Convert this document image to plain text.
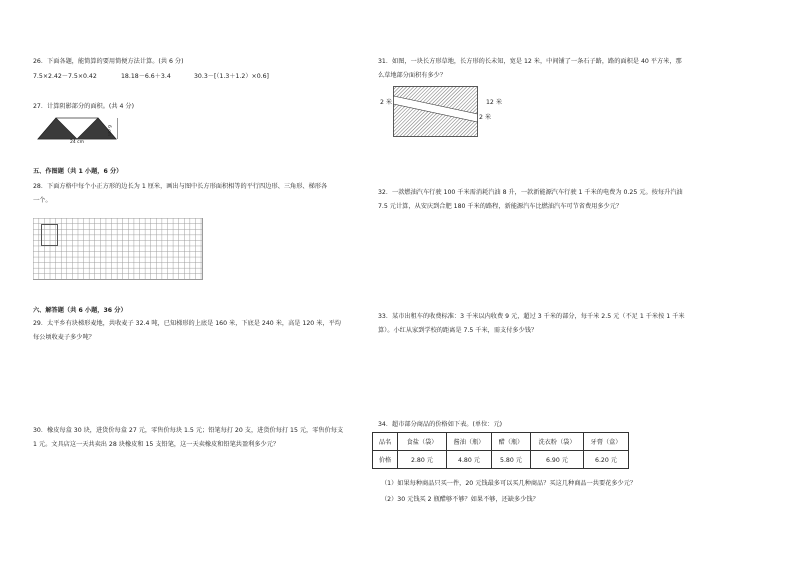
26．下面各题，能简算的要用简便方法计算。(共 6 分)
7.5×2.42－7.5×0.42	18.18－6.6＋3.4	30.3－[（1.3＋1.2）×0.6]
27．计算阴影部分的面积。(共 4 分)
24 cm
6 cm
五、作图题（共 1 小题，6 分）
28．下面方格中每个小正方形的边长为 1 厘米，画出与图中长方形面积相等的平行四边形、三角形、梯形各
一个。
六、解答题（共 6 小题，36 分）
29．太平乡有块梯形麦地，共收麦子 32.4 吨，已知梯形的上底是 160 米，下底是 240 米，高是 120 米，平均
每公顷收麦子多少吨？
30．橡皮每盒 30 块，进货价每盒 27 元，零售价每块 1.5 元；铅笔每打 20 支，进货价每打 15 元，零售价每支
1 元。文具店这一天共卖出 28 块橡皮和 15 支铅笔，这一天卖橡皮和铅笔共盈利多少元？
31．如图，一块长方形草地，长方形的长未知，宽是 12 米，中间铺了一条石子路，路的面积是 40 平方米，那
么草地部分面积有多少？
2 米	12 米
2 米
32．一款燃油汽车行驶 100 千米需消耗汽油 8 升，一款新能源汽车行驶 1 千米的电费为 0.25 元。按每升汽油
7.5 元计算，从安庆到合肥 180 千米的路程，新能源汽车比燃油汽车可节省费用多少元？
33．某市出租车的收费标准：3 千米以内收费 9 元，超过 3 千米的部分，每千米 2.5 元（不足 1 千米按 1 千米
算）。小红从家到学校的距离是 7.5 千米，需支付多少钱？
34．超市部分商品的价格如下表。(单位：元)
品名	食盐（袋）	酱油（瓶）	醋（瓶）	洗衣粉（袋）	牙膏（盒）
价格	2.80 元	4.80 元	5.80 元	6.90 元	6.20 元
（1）如果每种商品只买一件，20 元钱最多可以买几种商品？买这几种商品一共要花多少元？
（2）30 元钱买 2 瓶醋够不够？如果不够，还缺多少钱？
